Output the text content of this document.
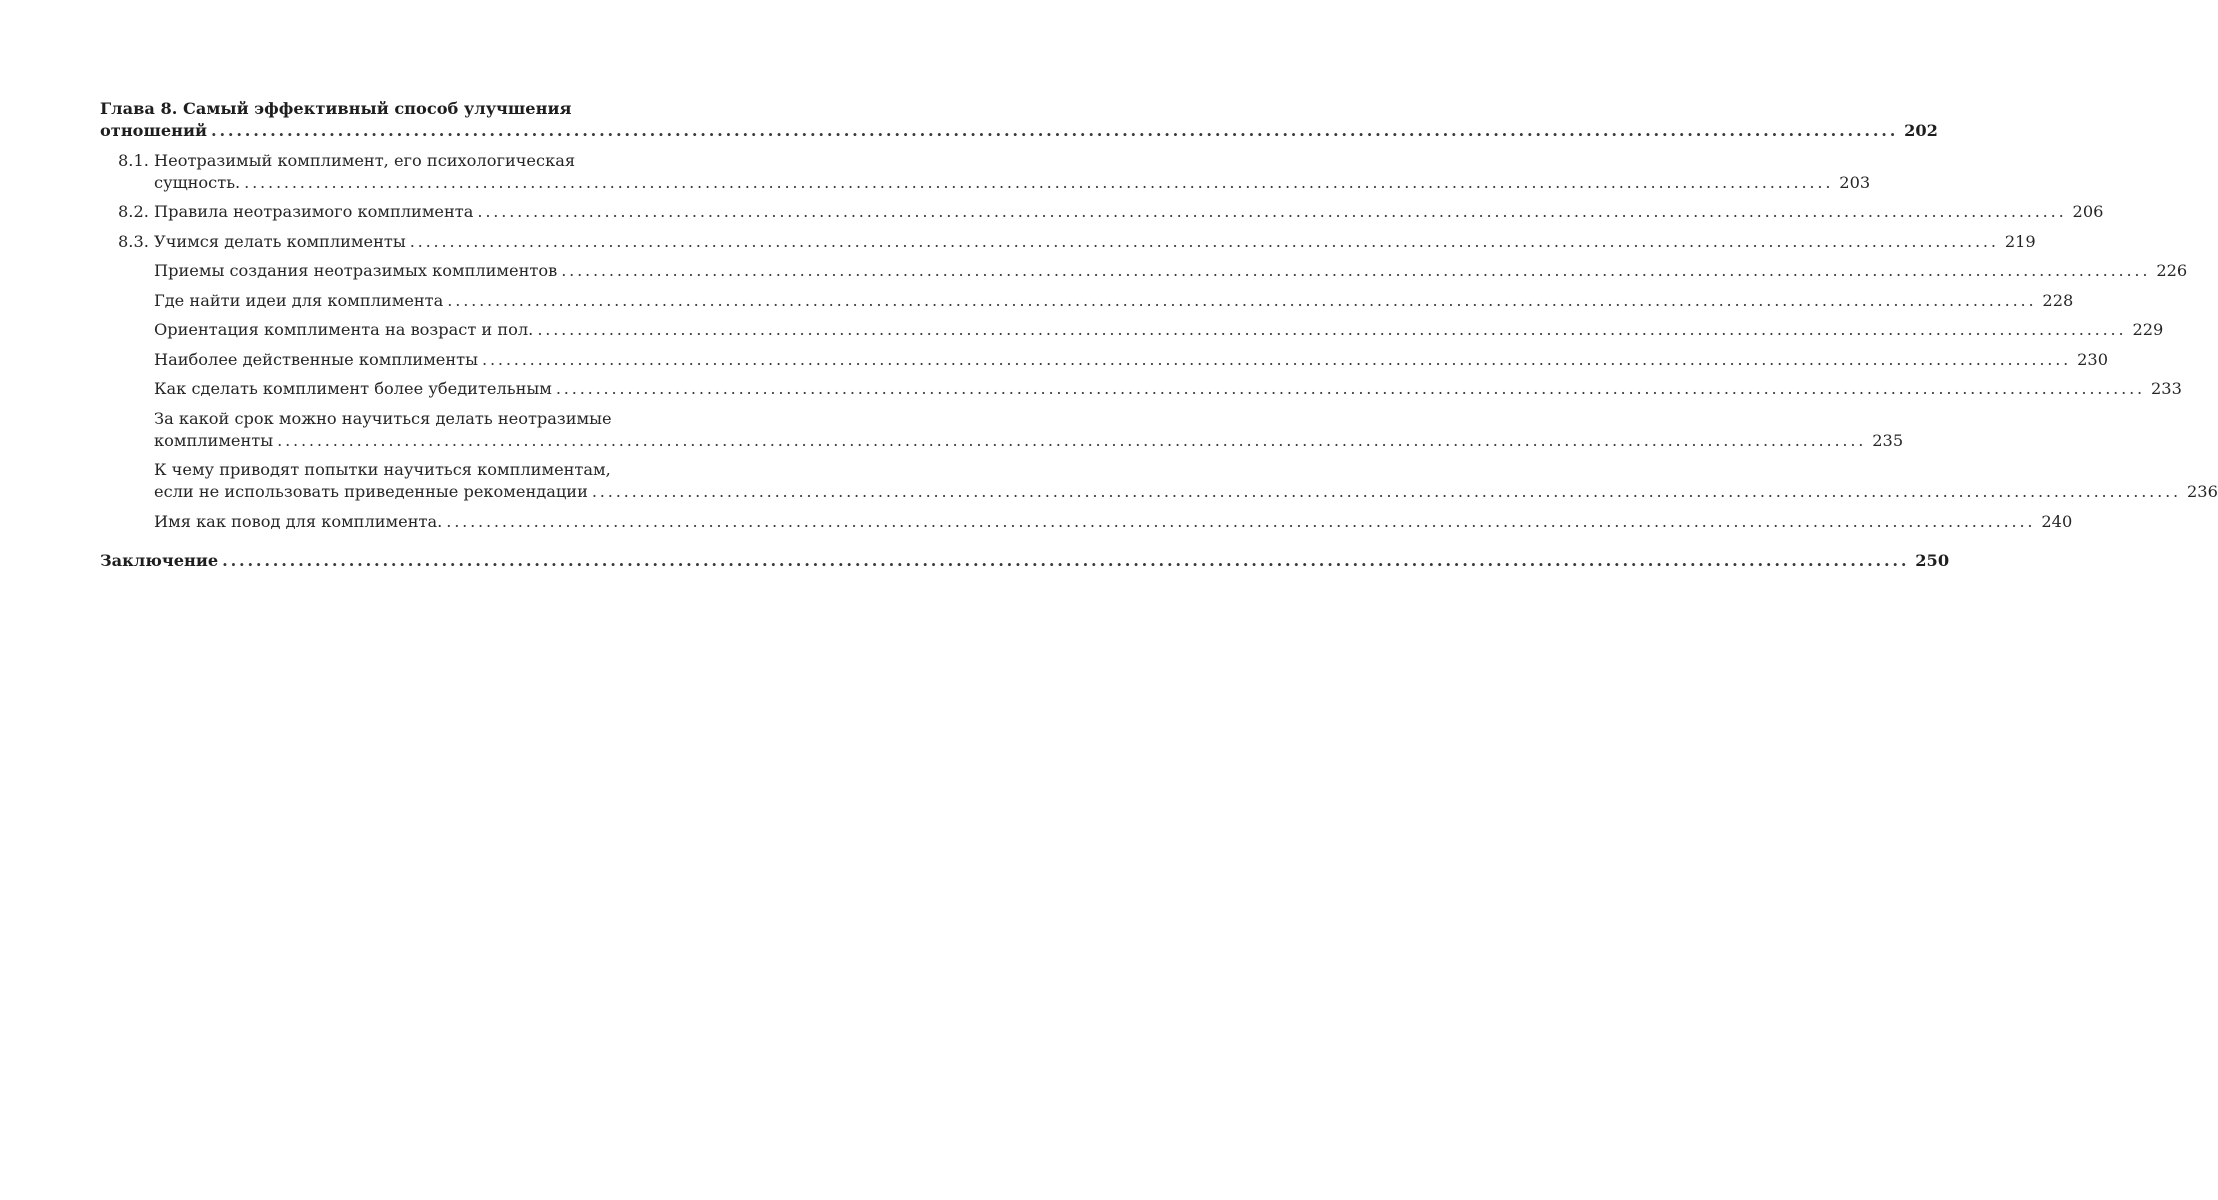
Глава 8. Самый эффективный способ улучшения
отношений ........................................................................................................................................................................................................ 202
8.1. Неотразимый комплимент, его психологическая
сущность. ........................................................................................................................................................................................................ 203
8.2. Правила неотразимого комплимента ........................................................................................................................................................................................................ 206
8.3. Учимся делать комплименты ........................................................................................................................................................................................................ 219
Приемы создания неотразимых комплиментов ........................................................................................................................................................................................................ 226
Где найти идеи для комплимента ........................................................................................................................................................................................................ 228
Ориентация комплимента на возраст и пол. ........................................................................................................................................................................................................ 229
Наиболее действенные комплименты ........................................................................................................................................................................................................ 230
Как сделать комплимент более убедительным ........................................................................................................................................................................................................ 233
За какой срок можно научиться делать неотразимые
комплименты ........................................................................................................................................................................................................ 235
К чему приводят попытки научиться комплиментам,
если не использовать приведенные рекомендации ........................................................................................................................................................................................................ 236
Имя как повод для комплимента. ........................................................................................................................................................................................................ 240
Заключение ........................................................................................................................................................................................................ 250
